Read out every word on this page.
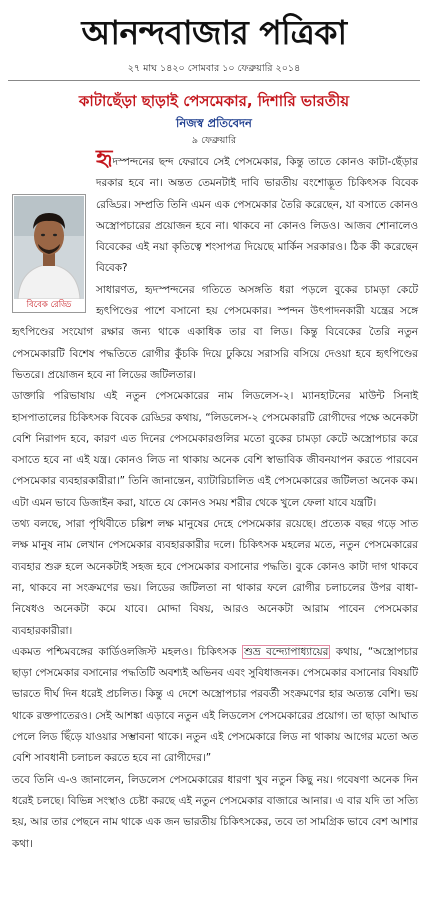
আনন্দবাজার পত্রিকা
২৭ মাঘ ১৪২০ সোমবার ১০ ফেব্রুয়ারি ২০১৪
কাটাছেঁড়া ছাড়াই পেসমেকার, দিশারি ভারতীয়
নিজস্ব প্রতিবেদন
৯ ফেব্রুয়ারি

হৃ
বিবেক রেড্ডি
দস্পন্দনের ছন্দ ফেরাবে সেই পেসমেকার, কিন্তু তাতে কোনও কাটা-ছেঁড়ার দরকার হবে না। অন্তত তেমনটাই দাবি ভারতীয় বংশোদ্ভূত চিকিৎসক বিবেক রেড্ডির। সম্প্রতি তিনি এমন এক পেসমেকার তৈরি করেছেন, যা বসাতে কোনও অস্ত্রোপচারের প্রয়োজন হবে না। থাকবে না কোনও লিডও। আজব শোনালেও বিবেকের এই নয়া কৃতিত্বে শংসাপত্র দিয়েছে মার্কিন সরকারও। ঠিক কী করেছেন বিবেক?

সাধারণত, হৃদস্পন্দনের গতিতে অসঙ্গতি ধরা পড়লে বুকের চামড়া কেটে হৃৎপিণ্ডের পাশে বসানো হয় পেসমেকার। স্পন্দন উৎপাদনকারী যন্ত্রের সঙ্গে হৃৎপিণ্ডের সংযোগ রক্ষার জন্য থাকে একাধিক তার বা লিড। কিন্তু বিবেকের তৈরি নতুন পেসমেকারটি বিশেষ পদ্ধতিতে রোগীর কুঁচকি দিয়ে ঢুকিয়ে সরাসরি বসিয়ে দেওয়া হবে হৃৎপিণ্ডের ভিতরে। প্রয়োজন হবে না লিডের জটিলতার।

ডাক্তারি পরিভাষায় এই নতুন পেসমেকারের নাম লিডলেস-২। ম্যানহাটনের মাউন্ট সিনাই হাসপাতালের চিকিৎসক বিবেক রেড্ডির কথায়, “লিডলেস-২ পেসমেকারটি রোগীদের পক্ষে অনেকটা বেশি নিরাপদ হবে, কারণ এত দিনের পেসমেকারগুলির মতো বুকের চামড়া কেটে অস্ত্রোপচার করে বসাতে হবে না এই যন্ত্র। কোনও লিড না থাকায় অনেক বেশি স্বাভাবিক জীবনযাপন করতে পারবেন পেসমেকার ব্যবহারকারীরা।” তিনি জানান্তেন, ব্যাটারিচালিত এই পেসমেকারের জটিলতা অনেক কম। এটা এমন ভাবে ডিজাইন করা, যাতে যে কোনও সময় শরীর থেকে খুলে ফেলা যাবে যন্ত্রটি।

তথ্য বলছে, সারা পৃথিবীতে চল্লিশ লক্ষ মানুষের দেহে পেসমেকার রয়েছে। প্রত্যেক বছর গড়ে সাত লক্ষ মানুষ নাম লেখান পেসমেকার ব্যবহারকারীর দলে। চিকিৎসক মহলের মতে, নতুন পেসমেকারের ব্যবহার শুরু হলে অনেকটাই সহজ হবে পেসমেকার বসানোর পদ্ধতি। বুকে কোনও কাটা দাগ থাকবে না, থাকবে না সংক্রমণের ভয়। লিডের জটিলতা না থাকার ফলে রোগীর চলাচলের উপর বাধা-নিষেধও অনেকটা কমে যাবে। মোদ্দা বিষয়, আরও অনেকটা আরাম পাবেন পেসমেকার ব্যবহারকারীরা।

একমত পশ্চিমবঙ্গের কার্ডিওলজিস্ট মহলও। চিকিৎসক শুভ্র বন্দ্যোপাধ্যায়ের কথায়, “অস্ত্রোপচার ছাড়া পেসমেকার বসানোর পদ্ধতিটি অবশ্যই অভিনব এবং সুবিধাজনক। পেসমেকার বসানোর বিষয়টি ভারতে দীর্ঘ দিন ধরেই প্রচলিত। কিন্তু এ দেশে অস্ত্রোপচার পরবর্তী সংক্রমণের হার অত্যন্ত বেশি। ভয় থাকে রক্তপাতেরও। সেই আশঙ্কা এড়াবে নতুন এই লিডলেস পেসমেকারের প্রয়োগ। তা ছাড়া আঘাত পেলে লিড ছিঁড়ে যাওয়ার সম্ভাবনা থাকে। নতুন এই পেসমেকারে লিড না থাকায় আগের মতো অত বেশি সাবধানী চলাচল করতে হবে না রোগীদের।”

তবে তিনি এ-ও জানালেন, লিডলেস পেসমেকারের ধারণা খুব নতুন কিছু নয়। গবেষণা অনেক দিন ধরেই চলছে। বিভিন্ন সংস্থাও চেষ্টা করছে এই নতুন পেসমেকার বাজারে আনার। এ বার যদি তা সত্যি হয়, আর তার পেছনে নাম থাকে এক জন ভারতীয় চিকিৎসকের, তবে তা সামগ্রিক ভাবে বেশ আশার কথা।
